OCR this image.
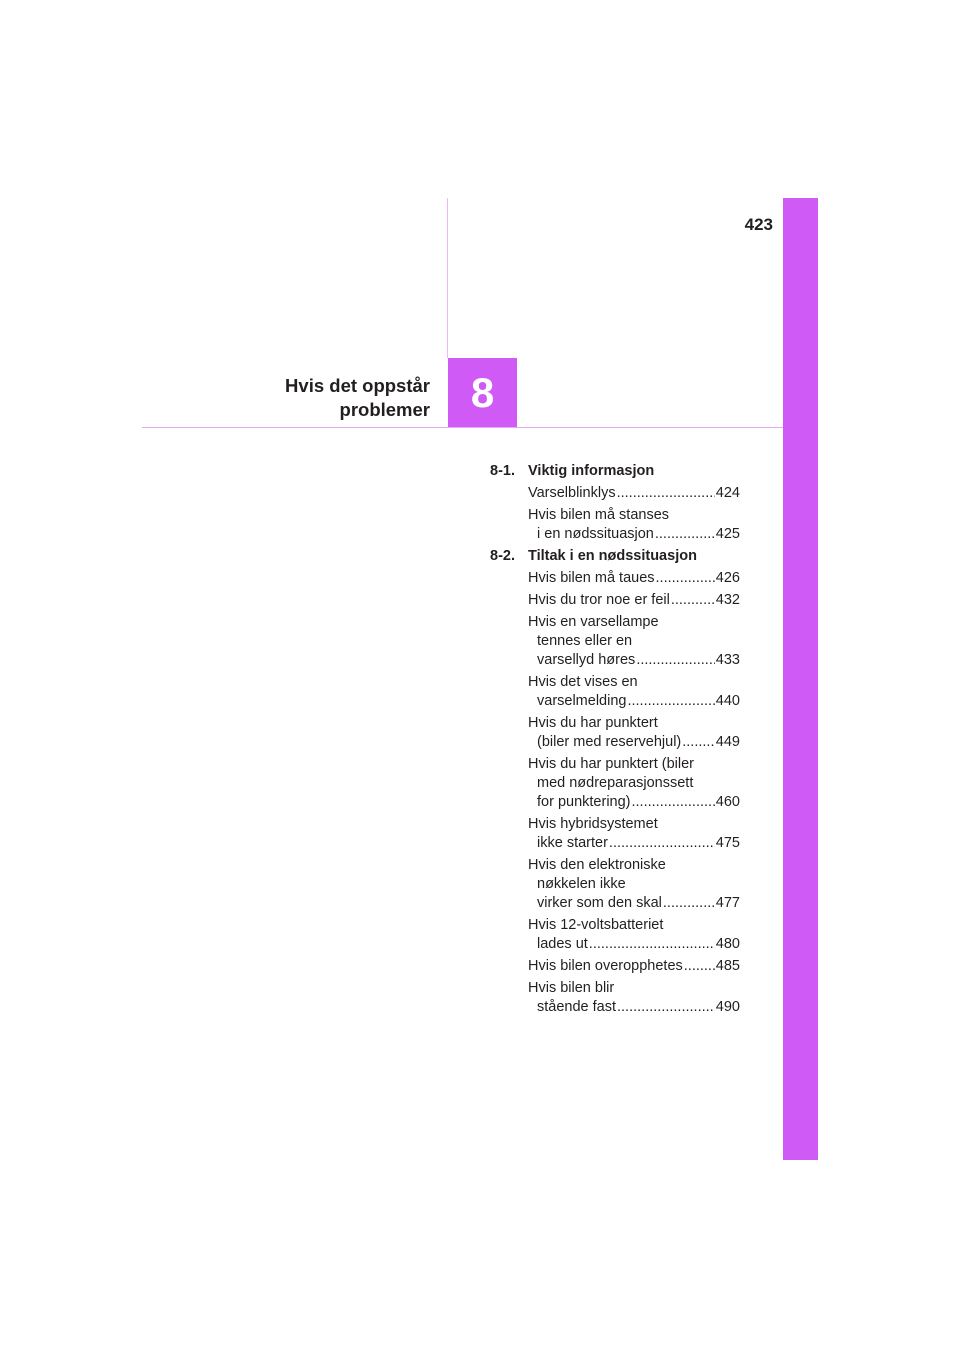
423
Hvis det oppstår
problemer 8
8-1. Viktig informasjon
Varselblinklys .....	424
Hvis bilen må stanses
i en nødssituasjon .....	425
8-2. Tiltak i en nødssituasjon
Hvis bilen må taues .....	426
Hvis du tror noe er feil .....	432
Hvis en varsellampe
tennes eller en
varsellyd høres .....	433
Hvis det vises en
varselmelding .....	440
Hvis du har punktert
(biler med reservehjul) ..... 449
Hvis du har punktert (biler
med nødreparasjonssett
for punktering) .....	460
Hvis hybridsystemet
ikke starter .....	475
Hvis den elektroniske
nøkkelen ikke
virker som den skal .....	477
Hvis 12-voltsbatteriet
lades ut .....	480
Hvis bilen overopphetes ..... 485
Hvis bilen blir
stående fast .....	490
